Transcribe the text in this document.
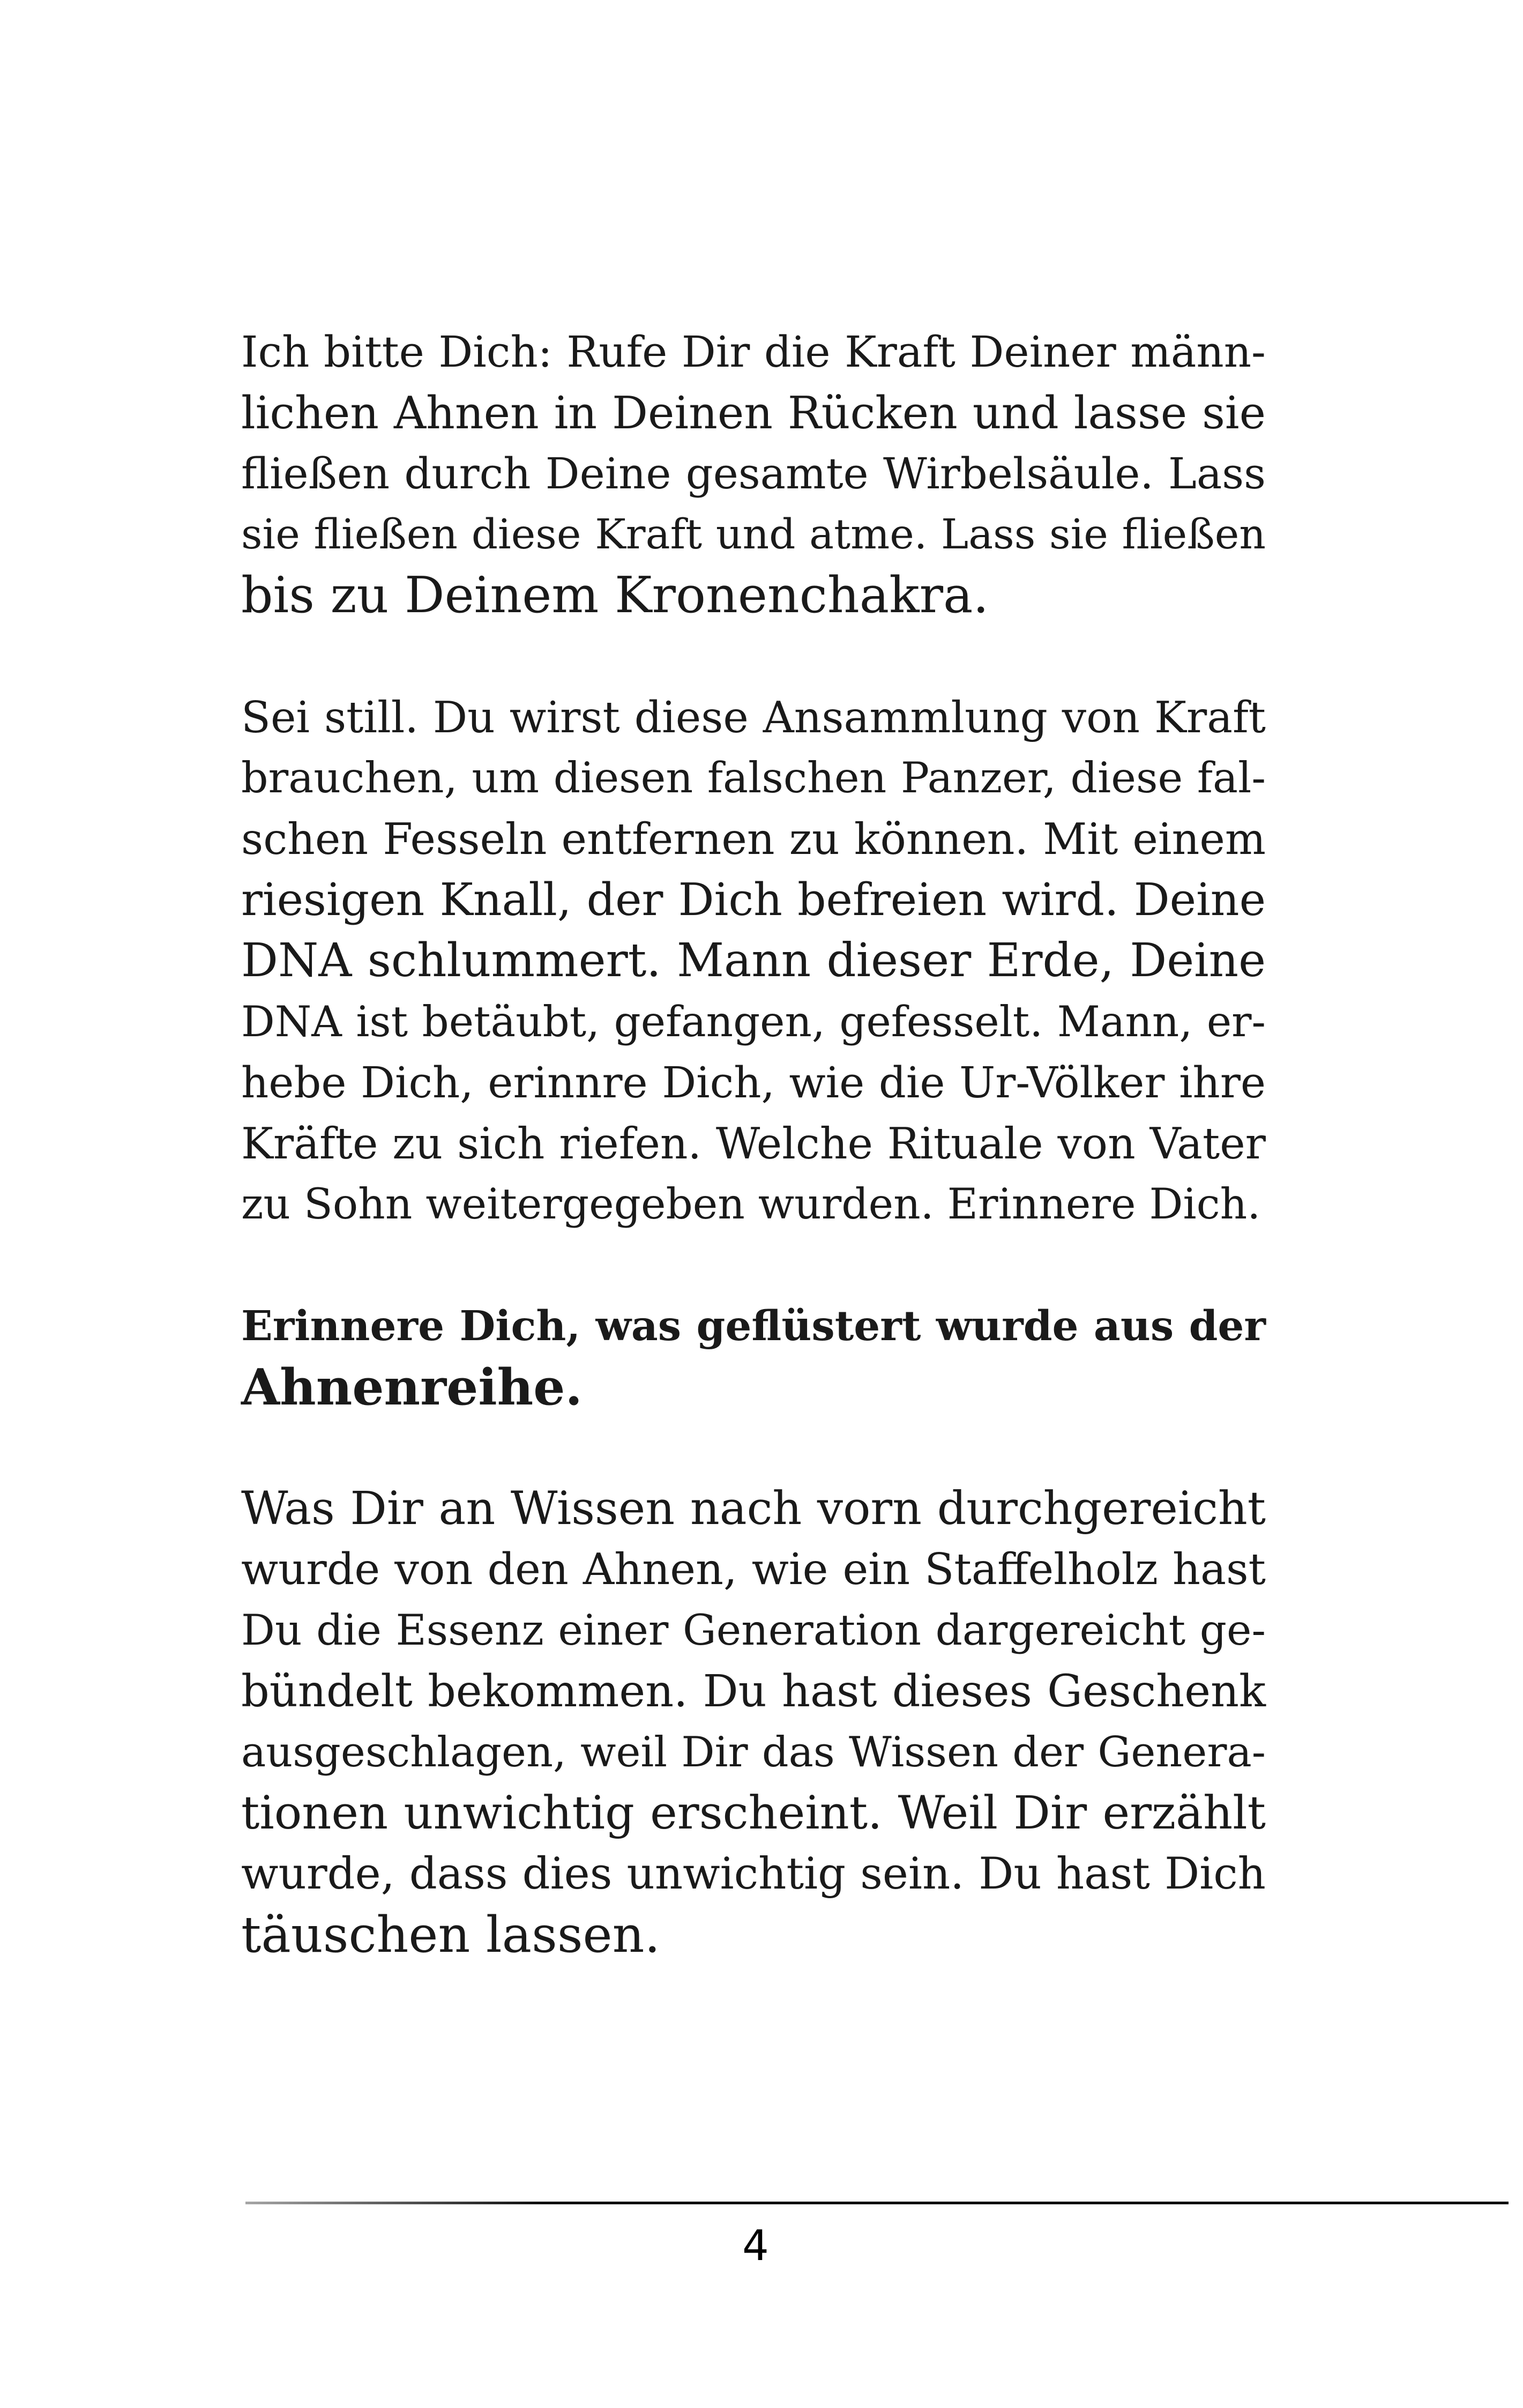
Ich bitte Dich: Rufe Dir die Kraft Deiner männ-
lichen Ahnen in Deinen Rücken und lasse sie
fließen durch Deine gesamte Wirbelsäule. Lass
sie fließen diese Kraft und atme. Lass sie fließen
bis zu Deinem Kronenchakra.

Sei still. Du wirst diese Ansammlung von Kraft
brauchen, um diesen falschen Panzer, diese fal-
schen Fesseln entfernen zu können. Mit einem
riesigen Knall, der Dich befreien wird. Deine
DNA schlummert. Mann dieser Erde, Deine
DNA ist betäubt, gefangen, gefesselt. Mann, er-
hebe Dich, erinnre Dich, wie die Ur-Völker ihre
Kräfte zu sich riefen. Welche Rituale von Vater
zu Sohn weitergegeben wurden. Erinnere Dich.

Erinnere Dich, was geflüstert wurde aus der
Ahnenreihe.

Was Dir an Wissen nach vorn durchgereicht
wurde von den Ahnen, wie ein Staffelholz hast
Du die Essenz einer Generation dargereicht ge-
bündelt bekommen. Du hast dieses Geschenk
ausgeschlagen, weil Dir das Wissen der Genera-
tionen unwichtig erscheint. Weil Dir erzählt
wurde, dass dies unwichtig sein. Du hast Dich
täuschen lassen.

4
